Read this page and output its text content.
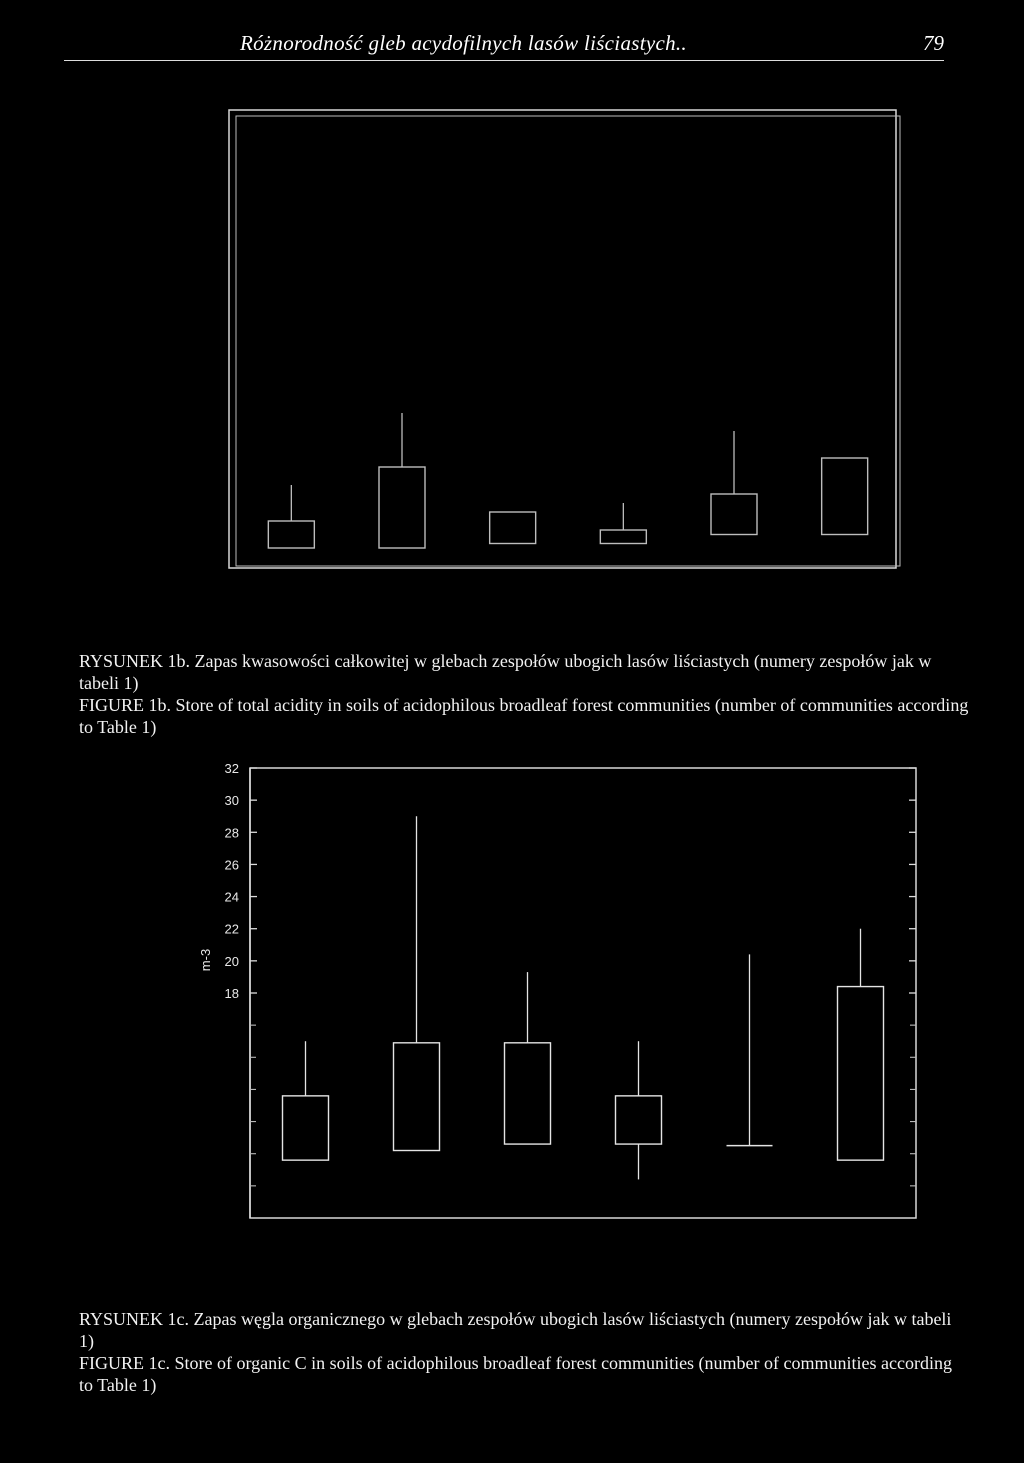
Różnorodność gleb acydofilnych lasów liściastych..	79
32
30
28
26
24
22
20
18
m-3

RYSUNEK 1b. Zapas kwasowości całkowitej w glebach zespołów ubogich lasów liściastych (numery zespołów jak w tabeli 1)

FIGURE 1b. Store of total acidity in soils of acidophilous broadleaf forest communities (number of communities according to Table 1)

RYSUNEK 1c. Zapas węgla organicznego w glebach zespołów ubogich lasów liściastych (numery zespołów jak w tabeli 1)

FIGURE 1c. Store of organic C in soils of acidophilous broadleaf forest communities (number of communities according to Table 1)
